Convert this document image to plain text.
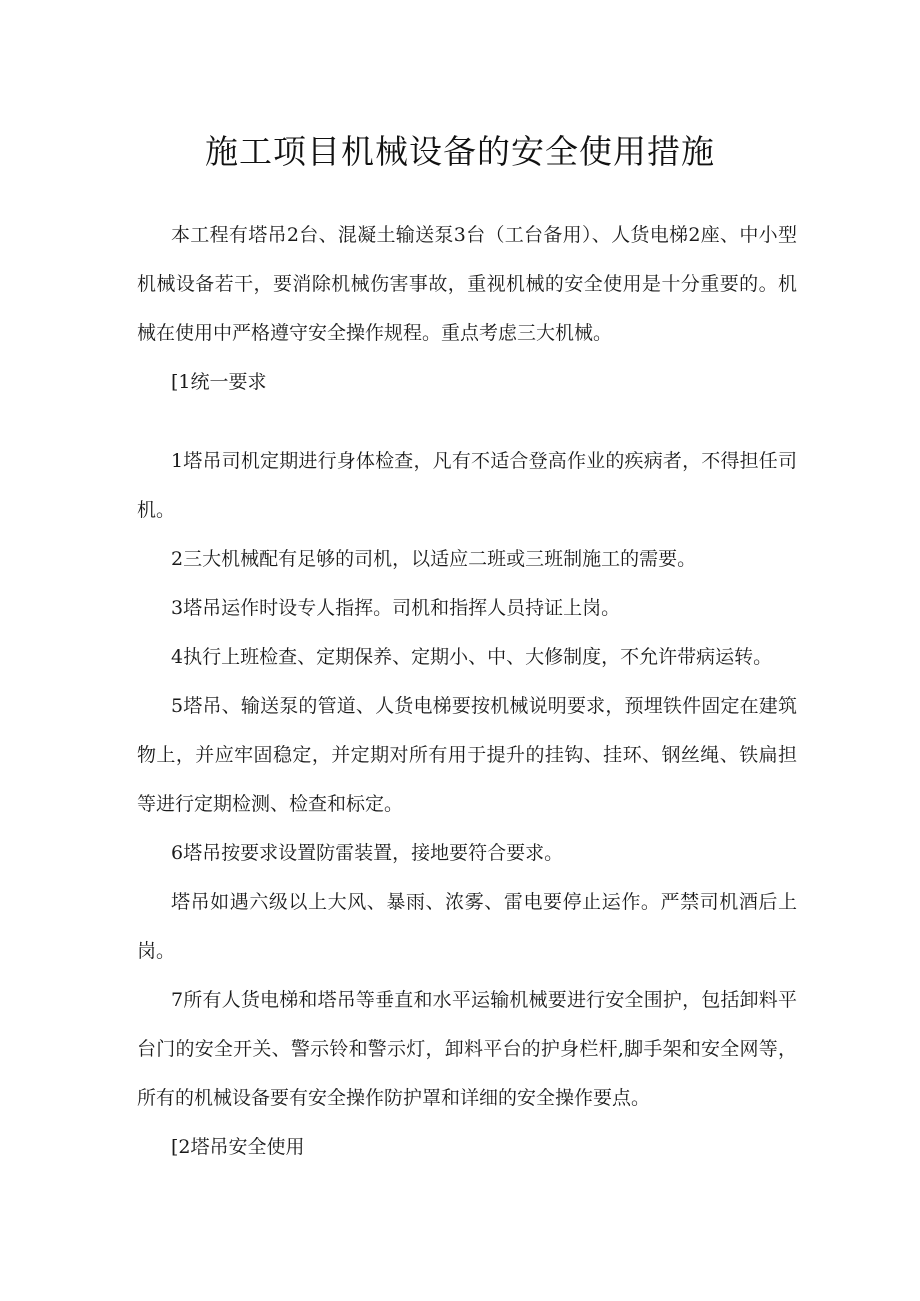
施工项目机械设备的安全使用措施

本工程有塔吊2台、混凝土输送泵3台（工台备用）、人货电梯2座、中小型机械设备若干，要消除机械伤害事故，重视机械的安全使用是十分重要的。机械在使用中严格遵守安全操作规程。重点考虑三大机械。

[1统一要求

1塔吊司机定期进行身体检查，凡有不适合登高作业的疾病者，不得担任司机。

2三大机械配有足够的司机，以适应二班或三班制施工的需要。

3塔吊运作时设专人指挥。司机和指挥人员持证上岗。

4执行上班检查、定期保养、定期小、中、大修制度，不允许带病运转。

5塔吊、输送泵的管道、人货电梯要按机械说明要求，预埋铁件固定在建筑物上，并应牢固稳定，并定期对所有用于提升的挂钩、挂环、钢丝绳、铁扁担等进行定期检测、检查和标定。

6塔吊按要求设置防雷装置，接地要符合要求。

塔吊如遇六级以上大风、暴雨、浓雾、雷电要停止运作。严禁司机酒后上岗。

7所有人货电梯和塔吊等垂直和水平运输机械要进行安全围护，包括卸料平台门的安全开关、警示铃和警示灯，卸料平台的护身栏杆,脚手架和安全网等，所有的机械设备要有安全操作防护罩和详细的安全操作要点。

[2塔吊安全使用
